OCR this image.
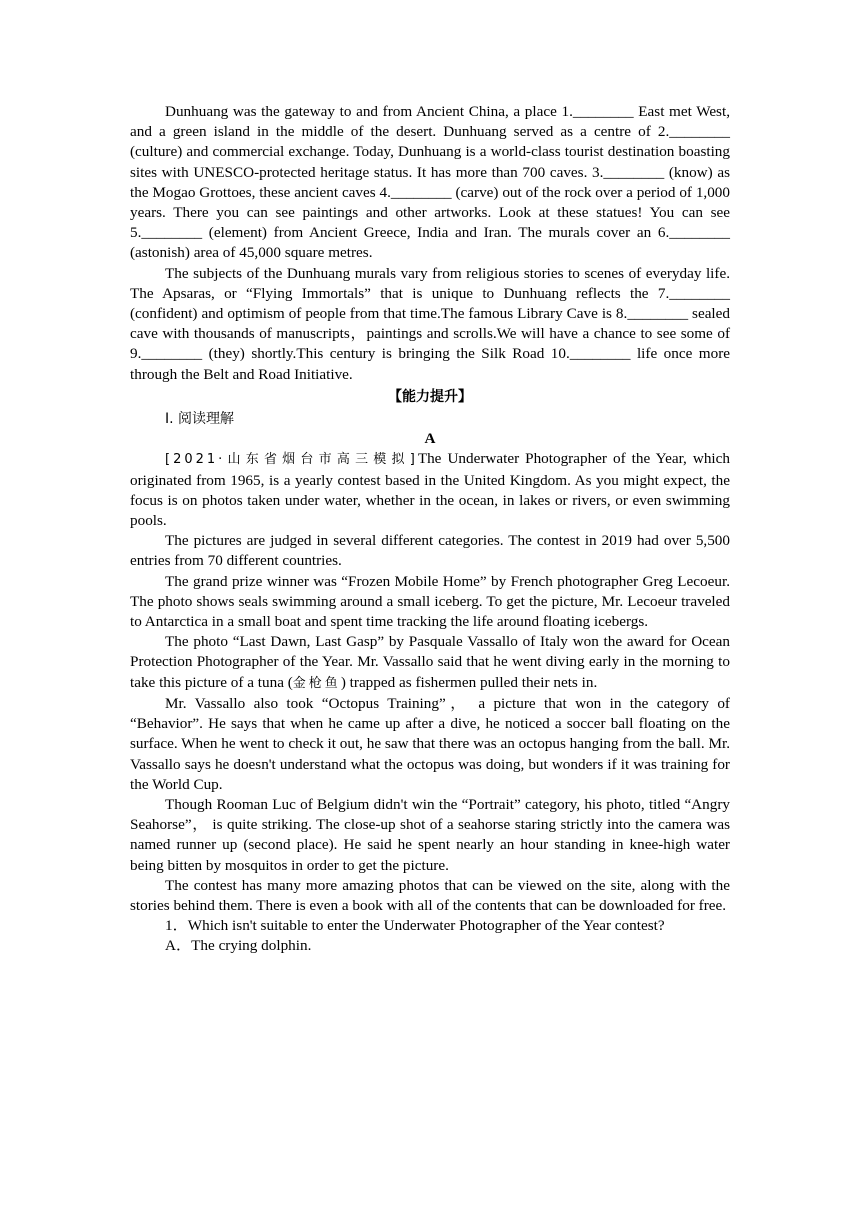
Dunhuang was the gateway to and from Ancient China, a place 1.________ East met West, and a green island in the middle of the desert. Dunhuang served as a centre of 2.________ (culture) and commercial exchange. Today, Dunhuang is a world-class tourist destination boasting sites with UNESCO-protected heritage status. It has more than 700 caves. 3.________ (know) as the Mogao Grottoes, these ancient caves 4.________ (carve) out of the rock over a period of 1,000 years. There you can see paintings and other artworks. Look at these statues! You can see 5.________ (element) from Ancient Greece, India and Iran. The murals cover an 6.________ (astonish) area of 45,000 square metres.

The subjects of the Dunhuang murals vary from religious stories to scenes of everyday life. The Apsaras, or “Flying Immortals” that is unique to Dunhuang reflects the 7.________ (confident) and optimism of people from that time.The famous Library Cave is 8.________ sealed cave with thousands of manuscripts，paintings and scrolls.We will have a chance to see some of 9.________ (they) shortly.This century is bringing the Silk Road 10.________ life once more through the Belt and Road Initiative.

【能力提升】

Ⅰ. 阅读理解

A

[2021·山东省烟台市高三模拟]The Underwater Photographer of the Year, which originated from 1965, is a yearly contest based in the United Kingdom. As you might expect, the focus is on photos taken under water, whether in the ocean, in lakes or rivers, or even swimming pools.

The pictures are judged in several different categories. The contest in 2019 had over 5,500 entries from 70 different countries.

The grand prize winner was “Frozen Mobile Home” by French photographer Greg Lecoeur. The photo shows seals swimming around a small iceberg. To get the picture, Mr. Lecoeur traveled to Antarctica in a small boat and spent time tracking the life around floating icebergs.

The photo “Last Dawn, Last Gasp” by Pasquale Vassallo of Italy won the award for Ocean Protection Photographer of the Year. Mr. Vassallo said that he went diving early in the morning to take this picture of a tuna (金枪鱼) trapped as fishermen pulled their nets in.

Mr. Vassallo also took “Octopus Training”， a picture that won in the category of “Behavior”. He says that when he came up after a dive, he noticed a soccer ball floating on the surface. When he went to check it out, he saw that there was an octopus hanging from the ball. Mr. Vassallo says he doesn't understand what the octopus was doing, but wonders if it was training for the World Cup.

Though Rooman Luc of Belgium didn't win the “Portrait” category, his photo, titled “Angry Seahorse”， is quite striking. The close-up shot of a seahorse staring strictly into the camera was named runner up (second place). He said he spent nearly an hour standing in knee-high water being bitten by mosquitos in order to get the picture.

The contest has many more amazing photos that can be viewed on the site, along with the stories behind them. There is even a book with all of the contents that can be downloaded for free.

1．Which isn't suitable to enter the Underwater Photographer of the Year contest?

A．The crying dolphin.
